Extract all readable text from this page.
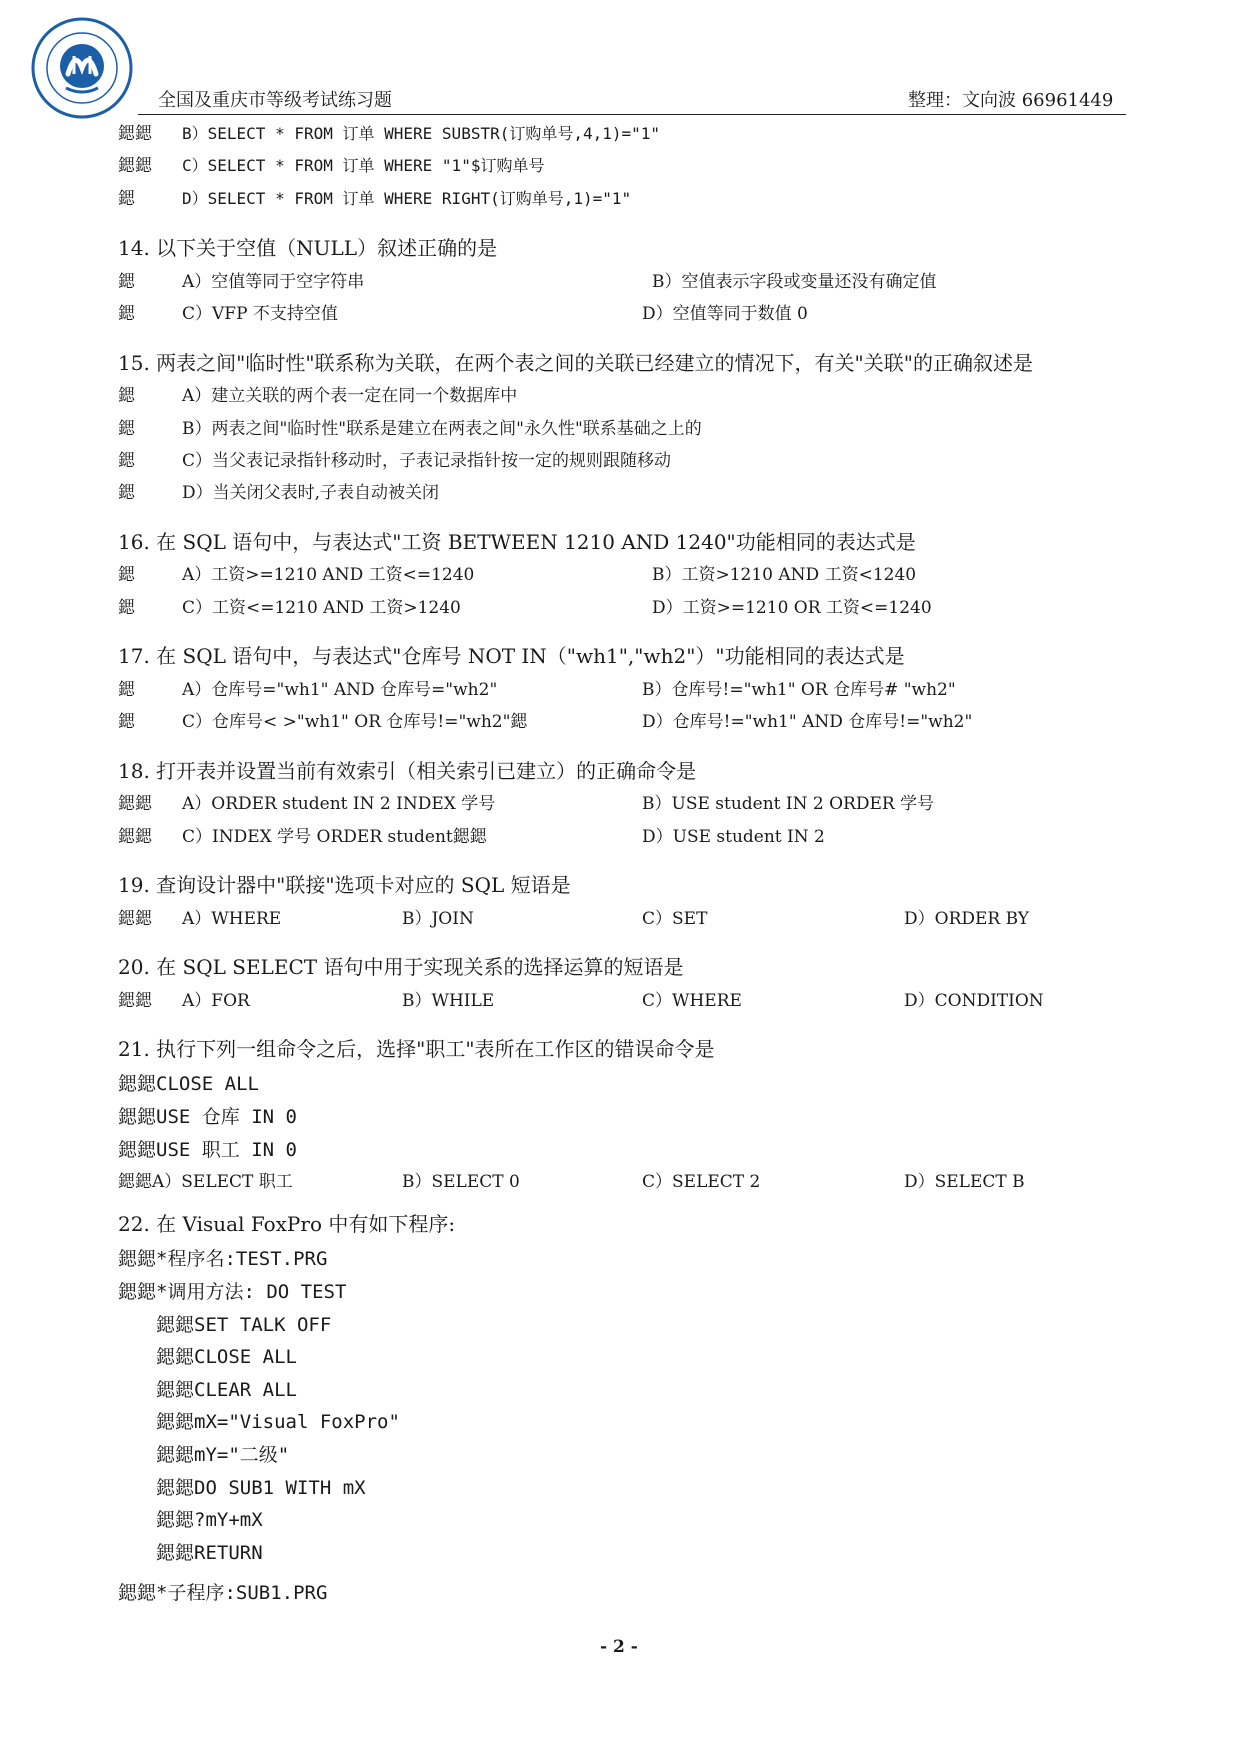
全国及重庆市等级考试练习题	整理：文向波 66961449
鍶鍶 B）SELECT * FROM 订单 WHERE SUBSTR(订购单号,4,1)="1"
鍶鍶 C）SELECT * FROM 订单 WHERE "1"$订购单号
鍶	D）SELECT * FROM 订单 WHERE RIGHT(订购单号,1)="1"
14. 以下关于空值（NULL）叙述正确的是
鍶	A）空值等同于空字符串	B）空值表示字段或变量还没有确定值
鍶	C）VFP 不支持空值	D）空值等同于数值 0
15. 两表之间"临时性"联系称为关联，在两个表之间的关联已经建立的情况下，有关"关联"的正确叙述是
鍶	A）建立关联的两个表一定在同一个数据库中
鍶	B）两表之间"临时性"联系是建立在两表之间"永久性"联系基础之上的
鍶	C）当父表记录指针移动时，子表记录指针按一定的规则跟随移动
鍶	D）当关闭父表时,子表自动被关闭
16. 在 SQL 语句中，与表达式"工资 BETWEEN 1210 AND 1240"功能相同的表达式是
鍶	A）工资>=1210 AND 工资<=1240	B）工资>1210 AND 工资<1240
鍶	C）工资<=1210 AND 工资>1240	D）工资>=1210 OR 工资<=1240
17. 在 SQL 语句中，与表达式"仓库号 NOT IN（"wh1","wh2"）"功能相同的表达式是
鍶	A）仓库号="wh1" AND 仓库号="wh2"	B）仓库号!="wh1" OR 仓库号# "wh2"
鍶	C）仓库号< >"wh1" OR 仓库号!="wh2"鍶	D）仓库号!="wh1" AND 仓库号!="wh2"
18. 打开表并设置当前有效索引（相关索引已建立）的正确命令是
鍶鍶 A）ORDER student IN 2 INDEX 学号	B）USE student IN 2 ORDER 学号
鍶鍶 C）INDEX 学号 ORDER student鍶鍶	D）USE student IN 2
19. 查询设计器中"联接"选项卡对应的 SQL 短语是
鍶鍶 A）WHERE	B）JOIN	C）SET	D）ORDER BY
20. 在 SQL SELECT 语句中用于实现关系的选择运算的短语是
鍶鍶 A）FOR	B）WHILE	C）WHERE	D）CONDITION
21. 执行下列一组命令之后，选择"职工"表所在工作区的错误命令是
鍶鍶CLOSE ALL
鍶鍶USE 仓库 IN 0
鍶鍶USE 职工 IN 0
鍶鍶A）SELECT 职工	B）SELECT 0	C）SELECT 2	D）SELECT B
22. 在 Visual FoxPro 中有如下程序:
鍶鍶*程序名:TEST.PRG
鍶鍶*调用方法: DO TEST
鍶鍶SET TALK OFF
鍶鍶CLOSE ALL
鍶鍶CLEAR ALL
鍶鍶mX="Visual FoxPro"
鍶鍶mY="二级"
鍶鍶DO SUB1 WITH mX
鍶鍶?mY+mX
鍶鍶RETURN
鍶鍶*子程序:SUB1.PRG
- 2 -
